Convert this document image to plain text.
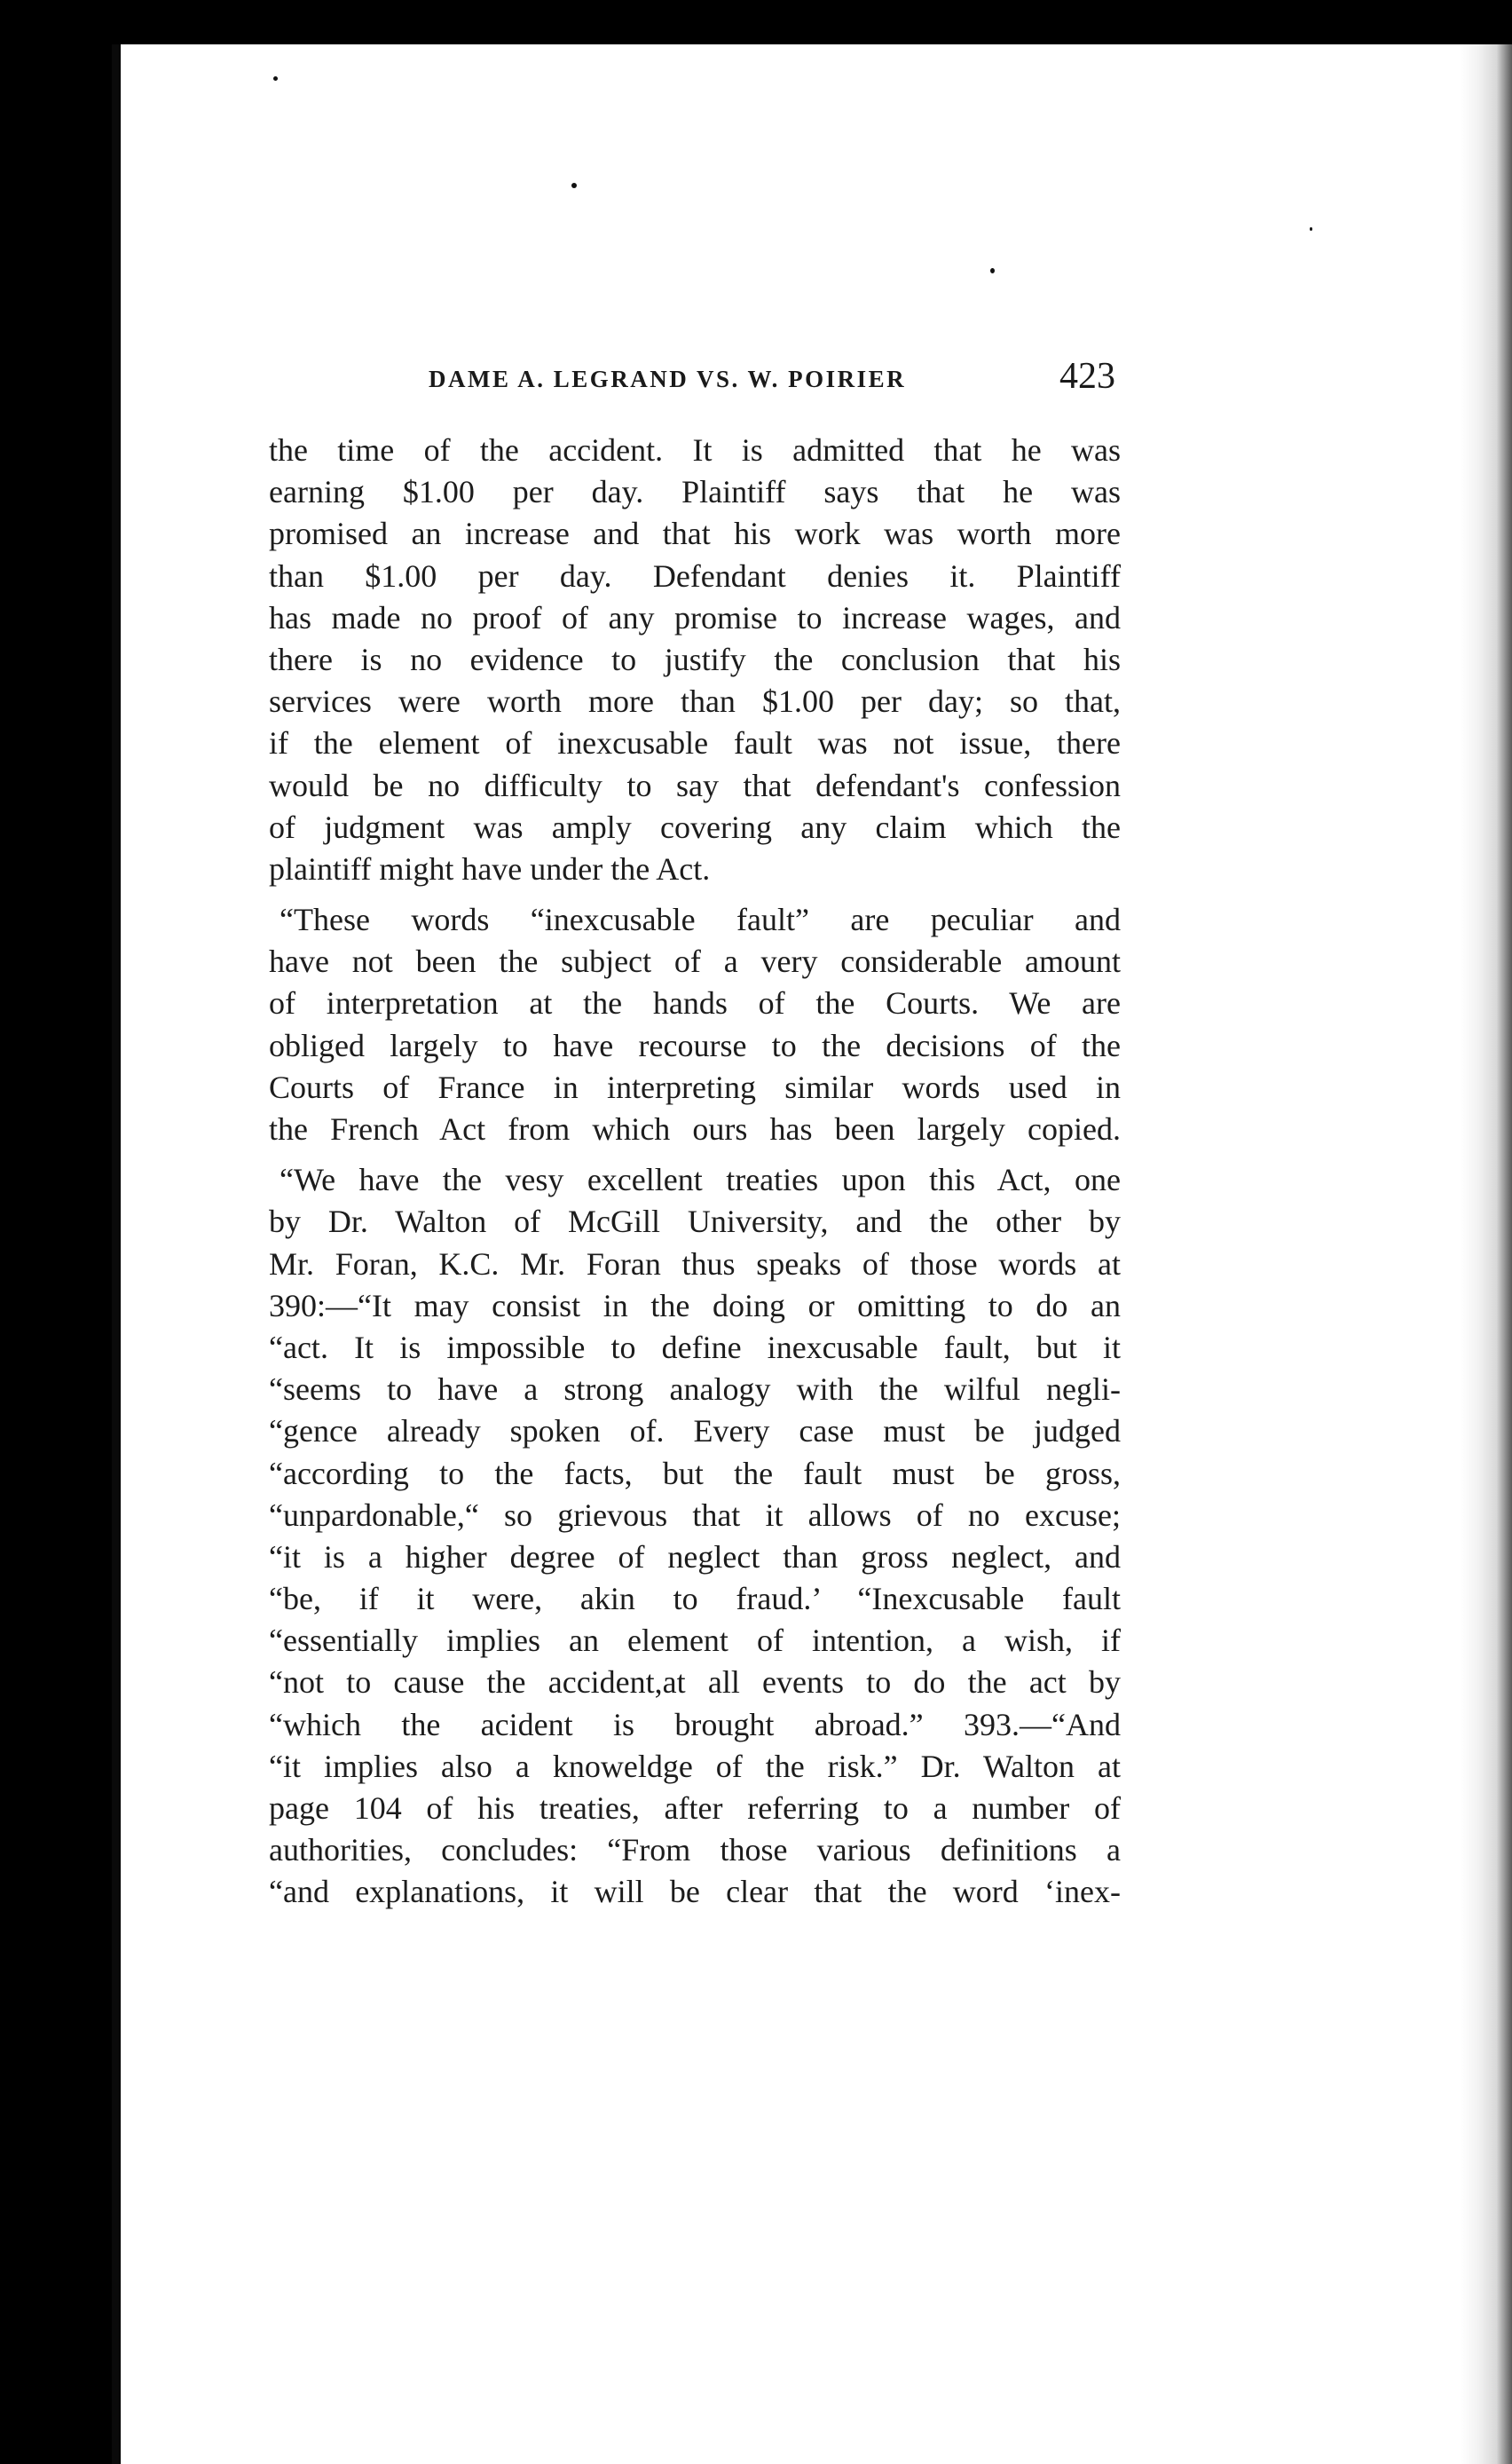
DAME A. LEGRAND VS. W. POIRIER	423
the time of the accident. It is admitted that he was
earning $1.00 per day. Plaintiff says that he was
promised an increase and that his work was worth more
than $1.00 per day. Defendant denies it. Plaintiff
has made no proof of any promise to increase wages, and
there is no evidence to justify the conclusion that his
services were worth more than $1.00 per day; so that,
if the element of inexcusable fault was not issue, there
would be no difficulty to say that defendant's confession
of judgment was amply covering any claim which the
plaintiff might have under the Act.
“These words “inexcusable fault” are peculiar and
have not been the subject of a very considerable amount
of interpretation at the hands of the Courts. We are
obliged largely to have recourse to the decisions of the
Courts of France in interpreting similar words used in
the French Act from which ours has been largely copied.
“We have the vesy excellent treaties upon this Act, one
by Dr. Walton of McGill University, and the other by
Mr. Foran, K.C. Mr. Foran thus speaks of those words at
390:—“It may consist in the doing or omitting to do an
“act. It is impossible to define inexcusable fault, but it
“seems to have a strong analogy with the wilful negli-
“gence already spoken of. Every case must be judged
“according to the facts, but the fault must be gross,
“unpardonable,“ so grievous that it allows of no excuse;
“it is a higher degree of neglect than gross neglect, and
“be, if it were, akin to fraud.’ “Inexcusable fault
“essentially implies an element of intention, a wish, if
“not to cause the accident,at all events to do the act by
“which the acident is brought abroad.” 393.—“And
“it implies also a knoweldge of the risk.” Dr. Walton at
page 104 of his treaties, after referring to a number of
authorities, concludes: “From those various definitions a
“and explanations, it will be clear that the word ‘inex-
